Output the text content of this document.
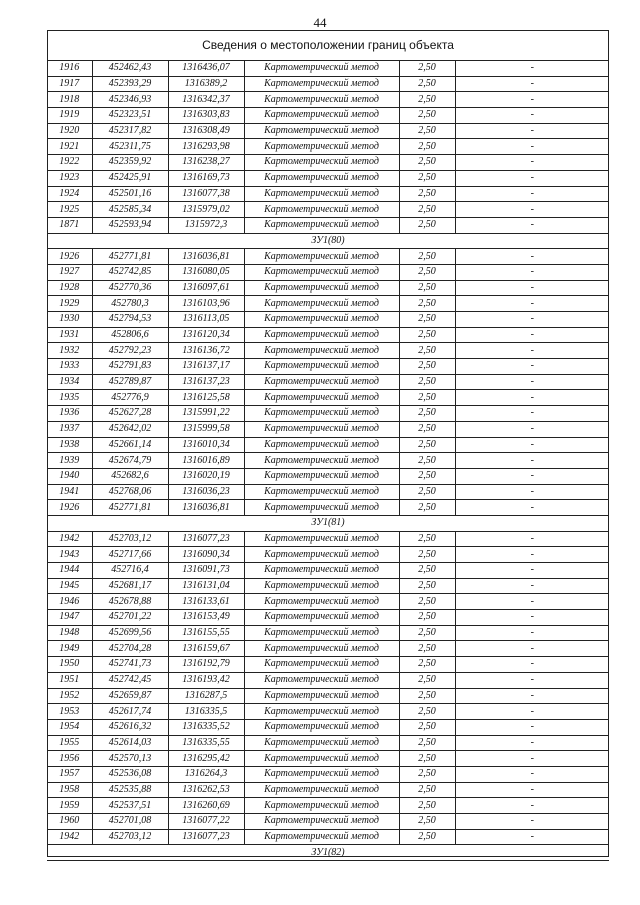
44
Сведения о местоположении границ объекта
1916	452462,43	1316436,07	Картометрический метод	2,50	-
1917	452393,29	1316389,2	Картометрический метод	2,50	-
1918	452346,93	1316342,37	Картометрический метод	2,50	-
1919	452323,51	1316303,83	Картометрический метод	2,50	-
1920	452317,82	1316308,49	Картометрический метод	2,50	-
1921	452311,75	1316293,98	Картометрический метод	2,50	-
1922	452359,92	1316238,27	Картометрический метод	2,50	-
1923	452425,91	1316169,73	Картометрический метод	2,50	-
1924	452501,16	1316077,38	Картометрический метод	2,50	-
1925	452585,34	1315979,02	Картометрический метод	2,50	-
1871	452593,94	1315972,3	Картометрический метод	2,50	-
ЗУ1(80)					
1926	452771,81	1316036,81	Картометрический метод	2,50	-
1927	452742,85	1316080,05	Картометрический метод	2,50	-
1928	452770,36	1316097,61	Картометрический метод	2,50	-
1929	452780,3	1316103,96	Картометрический метод	2,50	-
1930	452794,53	1316113,05	Картометрический метод	2,50	-
1931	452806,6	1316120,34	Картометрический метод	2,50	-
1932	452792,23	1316136,72	Картометрический метод	2,50	-
1933	452791,83	1316137,17	Картометрический метод	2,50	-
1934	452789,87	1316137,23	Картометрический метод	2,50	-
1935	452776,9	1316125,58	Картометрический метод	2,50	-
1936	452627,28	1315991,22	Картометрический метод	2,50	-
1937	452642,02	1315999,58	Картометрический метод	2,50	-
1938	452661,14	1316010,34	Картометрический метод	2,50	-
1939	452674,79	1316016,89	Картометрический метод	2,50	-
1940	452682,6	1316020,19	Картометрический метод	2,50	-
1941	452768,06	1316036,23	Картометрический метод	2,50	-
1926	452771,81	1316036,81	Картометрический метод	2,50	-
ЗУ1(81)					
1942	452703,12	1316077,23	Картометрический метод	2,50	-
1943	452717,66	1316090,34	Картометрический метод	2,50	-
1944	452716,4	1316091,73	Картометрический метод	2,50	-
1945	452681,17	1316131,04	Картометрический метод	2,50	-
1946	452678,88	1316133,61	Картометрический метод	2,50	-
1947	452701,22	1316153,49	Картометрический метод	2,50	-
1948	452699,56	1316155,55	Картометрический метод	2,50	-
1949	452704,28	1316159,67	Картометрический метод	2,50	-
1950	452741,73	1316192,79	Картометрический метод	2,50	-
1951	452742,45	1316193,42	Картометрический метод	2,50	-
1952	452659,87	1316287,5	Картометрический метод	2,50	-
1953	452617,74	1316335,5	Картометрический метод	2,50	-
1954	452616,32	1316335,52	Картометрический метод	2,50	-
1955	452614,03	1316335,55	Картометрический метод	2,50	-
1956	452570,13	1316295,42	Картометрический метод	2,50	-
1957	452536,08	1316264,3	Картометрический метод	2,50	-
1958	452535,88	1316262,53	Картометрический метод	2,50	-
1959	452537,51	1316260,69	Картометрический метод	2,50	-
1960	452701,08	1316077,22	Картометрический метод	2,50	-
1942	452703,12	1316077,23	Картометрический метод	2,50	-
ЗУ1(82)					
